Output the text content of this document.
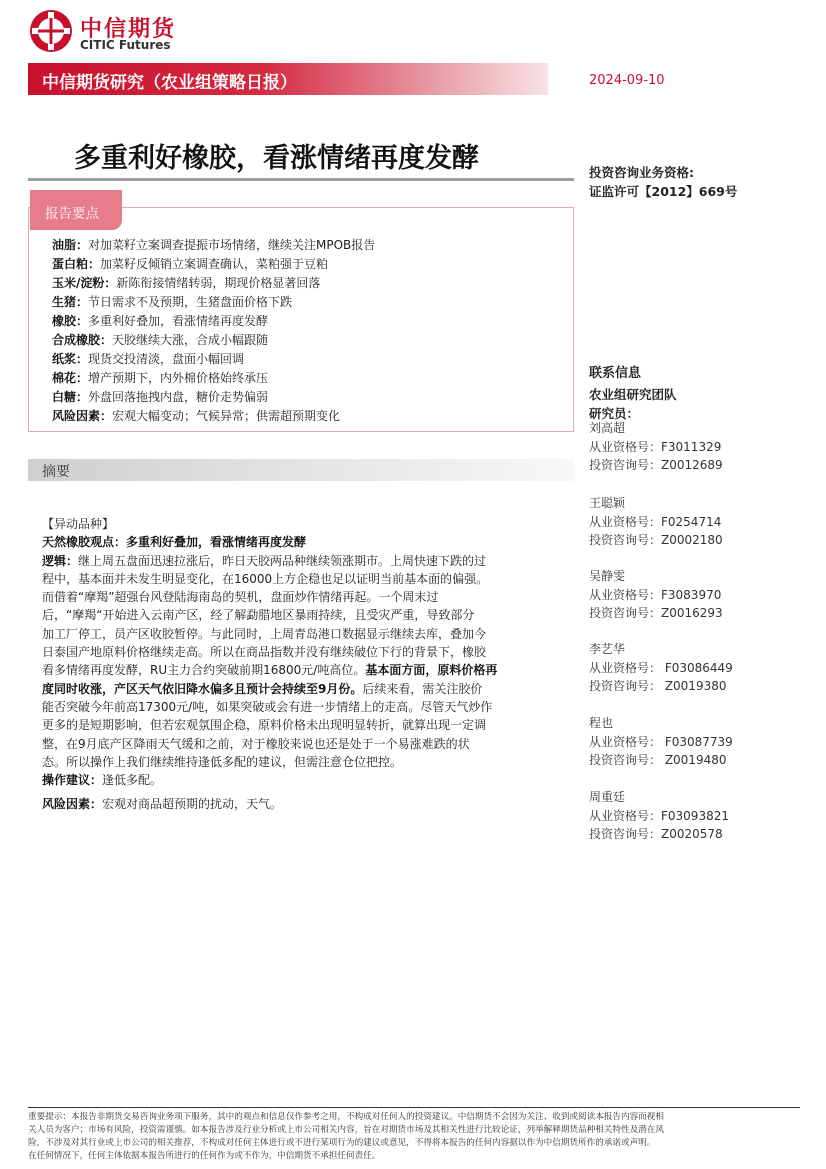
中信期货
CITIC Futures
中信期货研究（农业组策略日报）	2024-09-10
多重利好橡胶，看涨情绪再度发酵	投资咨询业务资格:
证监许可【2012】669号
报告要点
油脂：对加菜籽立案调查提振市场情绪，继续关注MPOB报告
蛋白粕：加菜籽反倾销立案调查确认，菜粕强于豆粕
玉米/淀粉：新陈衔接情绪转弱，期现价格显著回落
生猪：节日需求不及预期，生猪盘面价格下跌
橡胶：多重利好叠加，看涨情绪再度发酵
合成橡胶：天胶继续大涨，合成小幅跟随
纸浆：现货交投清淡，盘面小幅回调
棉花：增产预期下，内外棉价格始终承压
白糖：外盘回落拖拽内盘，糖价走势偏弱
风险因素：宏观大幅变动；气候异常；供需超预期变化
摘要
【异动品种】
天然橡胶观点：多重利好叠加，看涨情绪再度发酵
逻辑：继上周五盘面迅速拉涨后，昨日天胶两品种继续领涨期市。上周快速下跌的过
程中，基本面并未发生明显变化，在16000上方企稳也足以证明当前基本面的偏强。
而借着“摩羯”超强台风登陆海南岛的契机，盘面炒作情绪再起。一个周末过
后，“摩羯“开始进入云南产区，经了解勐腊地区暴雨持续，且受灾严重，导致部分
加工厂停工，员产区收胶暂停。与此同时，上周青岛港口数据显示继续去库，叠加今
日泰国产地原料价格继续走高。所以在商品指数并没有继续破位下行的背景下，橡胶
看多情绪再度发酵，RU主力合约突破前期16800元/吨高位。基本面方面，原料价格再
度同时收涨，产区天气依旧降水偏多且预计会持续至9月份。后续来看，需关注胶价
能否突破今年前高17300元/吨，如果突破或会有进一步情绪上的走高。尽管天气炒作
更多的是短期影响，但若宏观氛围企稳，原料价格未出现明显转折，就算出现一定调
整，在9月底产区降雨天气缓和之前，对于橡胶来说也还是处于一个易涨难跌的状
态。所以操作上我们继续维持逢低多配的建议，但需注意仓位把控。
操作建议：逢低多配。
风险因素：宏观对商品超预期的扰动，天气。
联系信息
农业组研究团队
研究员：
刘高超
从业资格号：F3011329
投资咨询号：Z0012689
王聪颖
从业资格号：F0254714
投资咨询号：Z0002180
吴静雯
从业资格号：F3083970
投资咨询号：Z0016293
李艺华
从业资格号： F03086449
投资咨询号： Z0019380
程也
从业资格号： F03087739
投资咨询号： Z0019480
周重廷
从业资格号：F03093821
投资咨询号：Z0020578
重要提示：本报告非期货交易咨询业务项下服务，其中的观点和信息仅作参考之用，不构成对任何人的投资建议。中信期货不会因为关注、收到或阅读本报告内容而视相
关人员为客户；市场有风险，投资需谨慎。如本报告涉及行业分析或上市公司相关内容，旨在对期货市场及其相关性进行比较论证，列举解释期货品种相关特性及潜在风
险，不涉及对其行业或上市公司的相关推荐，不构成对任何主体进行或不进行某项行为的建议或意见，不得将本报告的任何内容据以作为中信期货所作的承诺或声明。
在任何情况下，任何主体依据本报告所进行的任何作为或不作为，中信期货不承担任何责任。
